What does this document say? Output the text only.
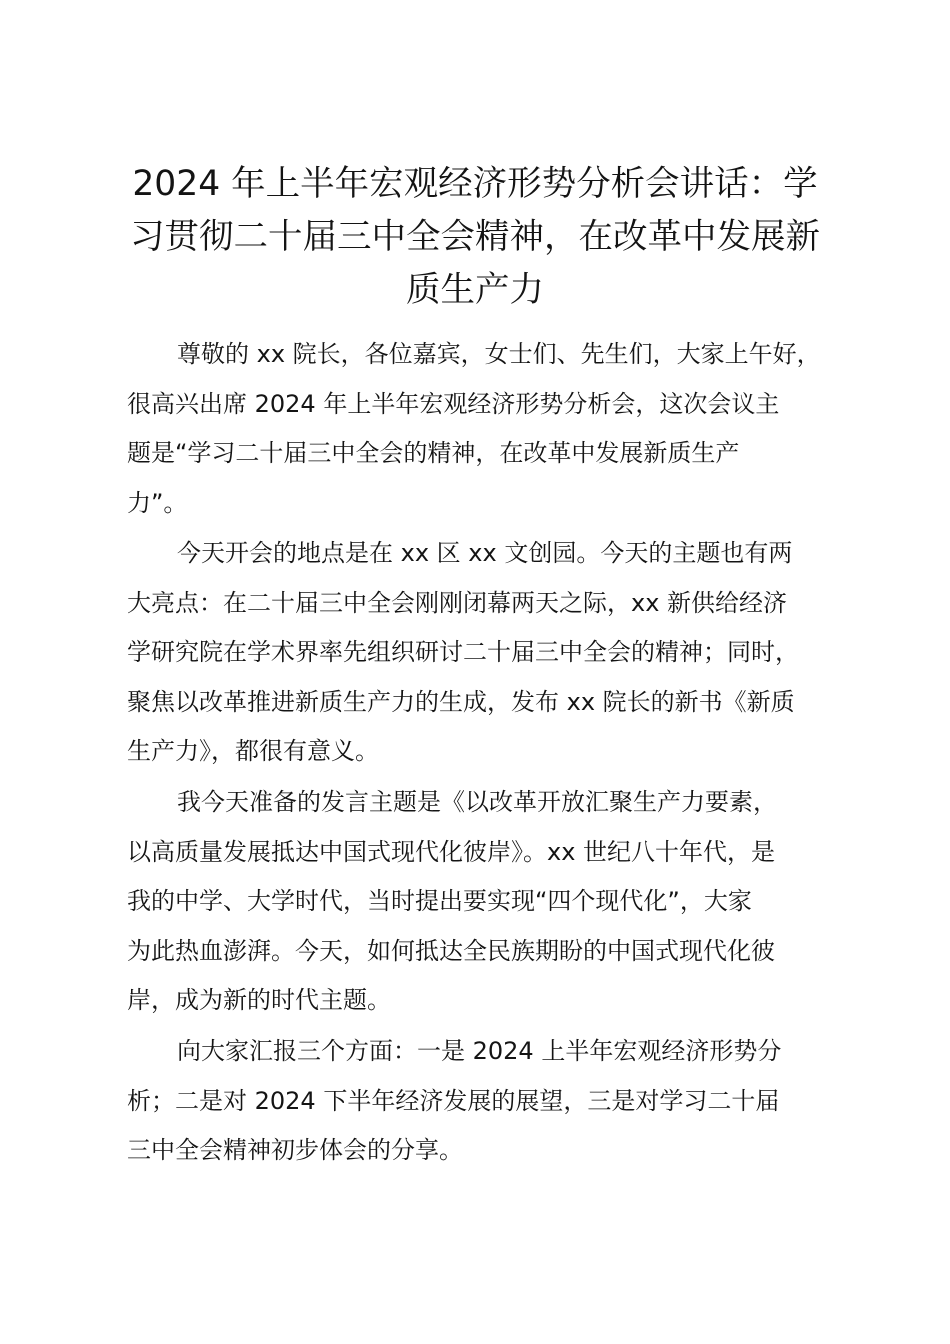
2024 年上半年宏观经济形势分析会讲话：学
习贯彻二十届三中全会精神，在改革中发展新
质生产力

尊敬的 xx 院长，各位嘉宾，女士们、先生们，大家上午好，
很高兴出席 2024 年上半年宏观经济形势分析会，这次会议主
题是“学习二十届三中全会的精神，在改革中发展新质生产
力”。

今天开会的地点是在 xx 区 xx 文创园。今天的主题也有两
大亮点：在二十届三中全会刚刚闭幕两天之际，xx 新供给经济
学研究院在学术界率先组织研讨二十届三中全会的精神；同时，
聚焦以改革推进新质生产力的生成，发布 xx 院长的新书《新质
生产力》，都很有意义。

我今天准备的发言主题是《以改革开放汇聚生产力要素，
以高质量发展抵达中国式现代化彼岸》。xx 世纪八十年代，是
我的中学、大学时代，当时提出要实现“四个现代化”，大家
为此热血澎湃。今天，如何抵达全民族期盼的中国式现代化彼
岸，成为新的时代主题。

向大家汇报三个方面：一是 2024 上半年宏观经济形势分
析；二是对 2024 下半年经济发展的展望，三是对学习二十届
三中全会精神初步体会的分享。
